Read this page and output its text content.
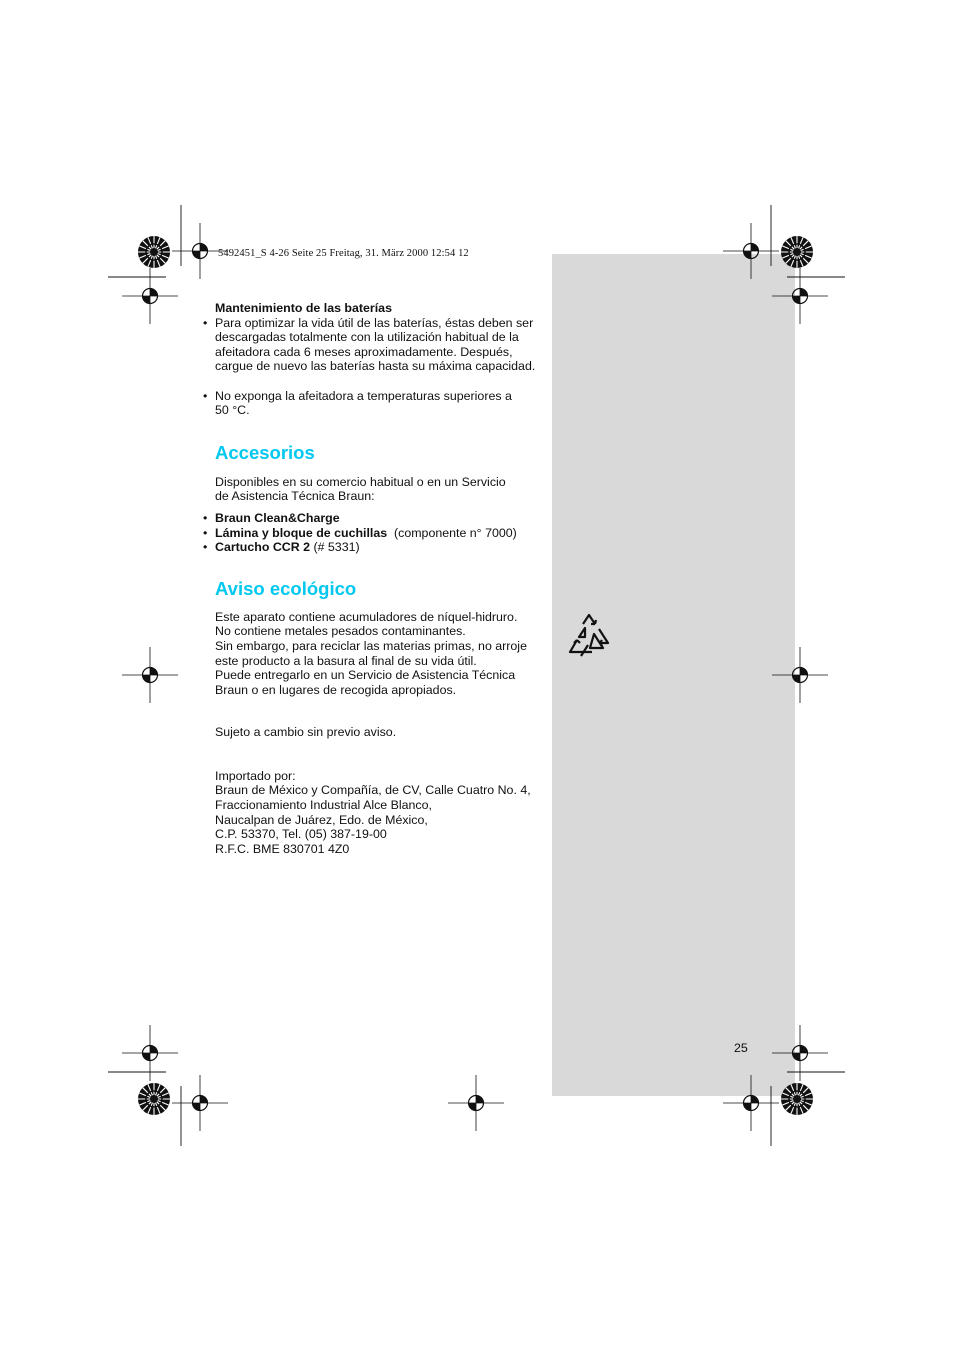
5492451_S 4-26 Seite 25 Freitag, 31. März 2000 12:54 12

Mantenimiento de las baterías

• Para optimizar la vida útil de las baterías, éstas deben ser descargadas totalmente con la utilización habitual de la afeitadora cada 6 meses aproximadamente. Después, cargue de nuevo las baterías hasta su máxima capacidad.
• No exponga la afeitadora a temperaturas superiores a 50 °C.
Accesorios

Disponibles en su comercio habitual o en un Servicio de Asistencia Técnica Braun:

• Braun Clean&Charge
• Lámina y bloque de cuchillas  (componente n° 7000)
• Cartucho CCR 2 (# 5331)
Aviso ecológico

Este aparato contiene acumuladores de níquel-hidruro.

No contiene metales pesados contaminantes.

Sin embargo, para reciclar las materias primas, no arroje este producto a la basura al final de su vida útil.

Puede entregarlo en un Servicio de Asistencia Técnica Braun o en lugares de recogida apropiados.

Sujeto a cambio sin previo aviso.

Importado por:

Braun de México y Compañía, de CV, Calle Cuatro No. 4,

Fraccionamiento Industrial Alce Blanco,

Naucalpan de Juárez, Edo. de México,

C.P. 53370, Tel. (05) 387-19-00

R.F.C. BME 830701 4Z0

25
